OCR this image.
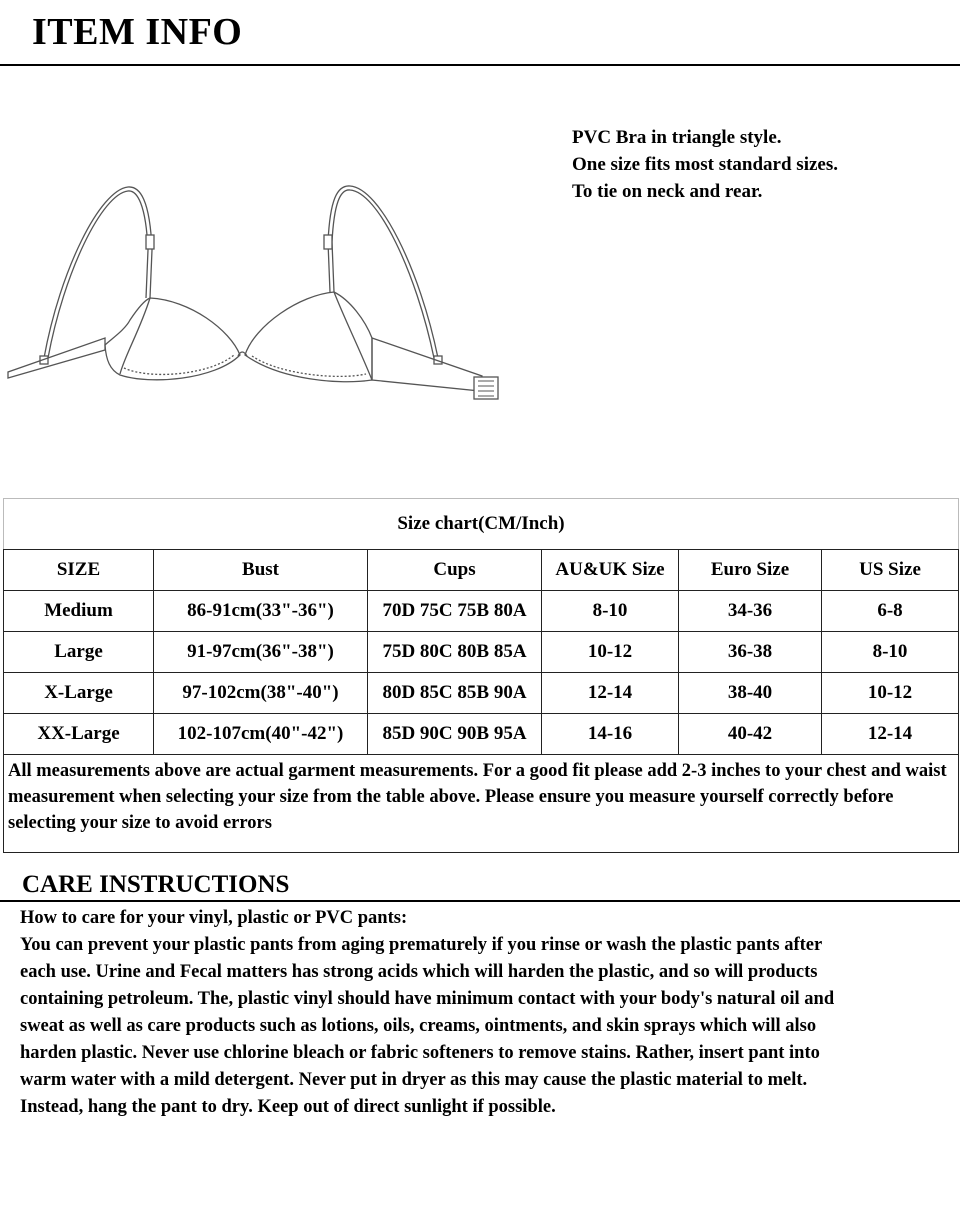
ITEM INFO
PVC Bra in triangle style.
One size fits most standard sizes.
To tie on neck and rear.
Size chart(CM/Inch)					
SIZE	Bust	Cups	AU&UK Size	Euro Size	US Size
Medium	86-91cm(33"-36")	70D 75C 75B 80A	8-10	34-36	6-8
Large	91-97cm(36"-38")	75D 80C 80B 85A	10-12	36-38	8-10
X-Large	97-102cm(38"-40")	80D 85C 85B 90A	12-14	38-40	10-12
XX-Large	102-107cm(40"-42")	85D 90C 90B 95A	14-16	40-42	12-14
All measurements above are actual garment measurements. For a good fit please add 2-3 inches to your chest and waist measurement when selecting your size from the table above. Please ensure you measure yourself correctly before selecting your size to avoid errors					
CARE INSTRUCTIONS
How to care for your vinyl, plastic or PVC pants:
You can prevent your plastic pants from aging prematurely if you rinse or wash the plastic pants after
each use. Urine and Fecal matters has strong acids which will harden the plastic, and so will products
containing petroleum. The, plastic vinyl should have minimum contact with your body's natural oil and
sweat as well as care products such as lotions, oils, creams, ointments, and skin sprays which will also
harden plastic. Never use chlorine bleach or fabric softeners to remove stains. Rather, insert pant into
warm water with a mild detergent. Never put in dryer as this may cause the plastic material to melt.
Instead, hang the pant to dry. Keep out of direct sunlight if possible.
